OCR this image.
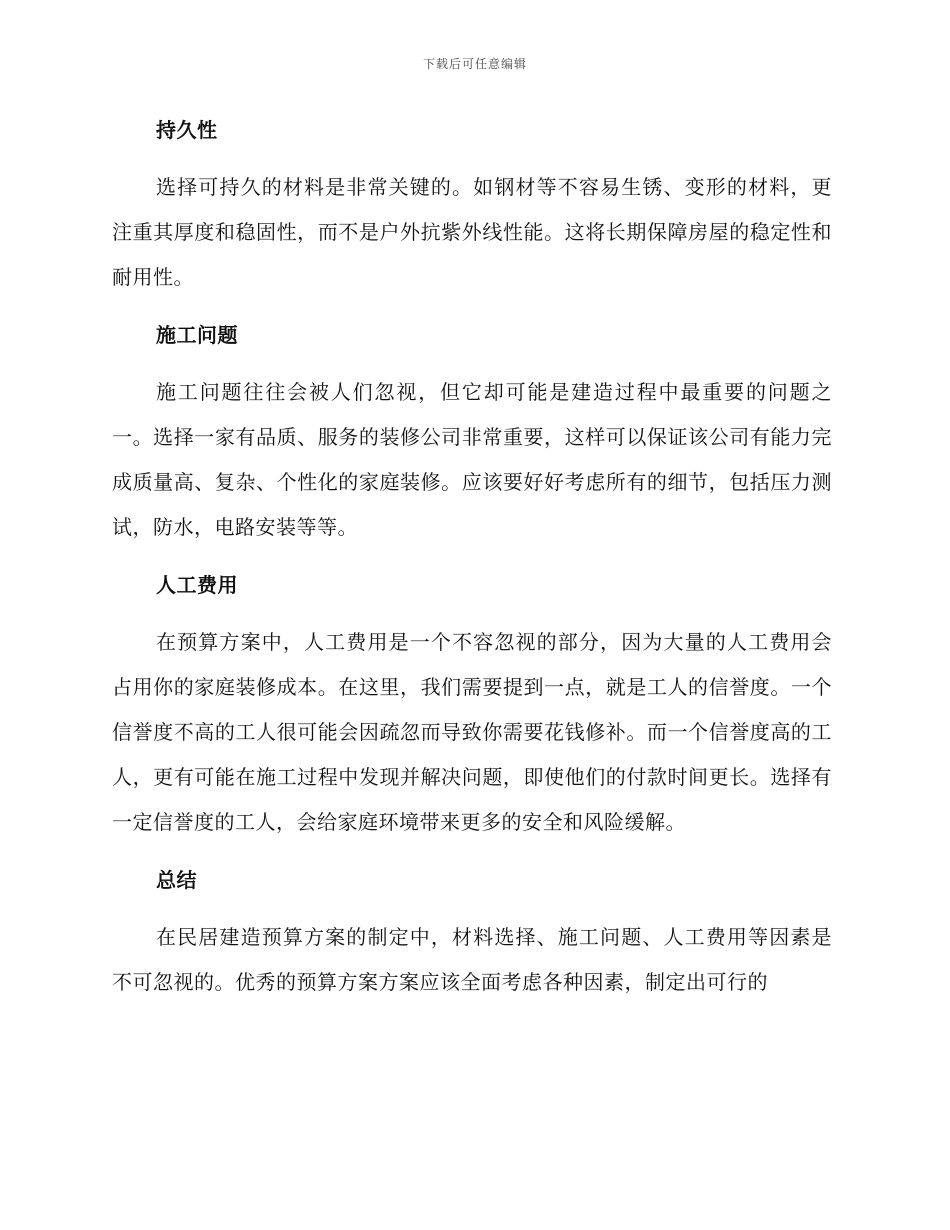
下载后可任意编辑
持久性

选择可持久的材料是非常关键的。如钢材等不容易生锈、变形的材料，更注重其厚度和稳固性，而不是户外抗紫外线性能。这将长期保障房屋的稳定性和耐用性。

施工问题

施工问题往往会被人们忽视，但它却可能是建造过程中最重要的问题之一。选择一家有品质、服务的装修公司非常重要，这样可以保证该公司有能力完成质量高、复杂、个性化的家庭装修。应该要好好考虑所有的细节，包括压力测试，防水，电路安装等等。

人工费用

在预算方案中，人工费用是一个不容忽视的部分，因为大量的人工费用会占用你的家庭装修成本。在这里，我们需要提到一点，就是工人的信誉度。一个信誉度不高的工人很可能会因疏忽而导致你需要花钱修补。而一个信誉度高的工人，更有可能在施工过程中发现并解决问题，即使他们的付款时间更长。选择有一定信誉度的工人，会给家庭环境带来更多的安全和风险缓解。

总结

在民居建造预算方案的制定中，材料选择、施工问题、人工费用等因素是不可忽视的。优秀的预算方案方案应该全面考虑各种因素，制定出可行的
